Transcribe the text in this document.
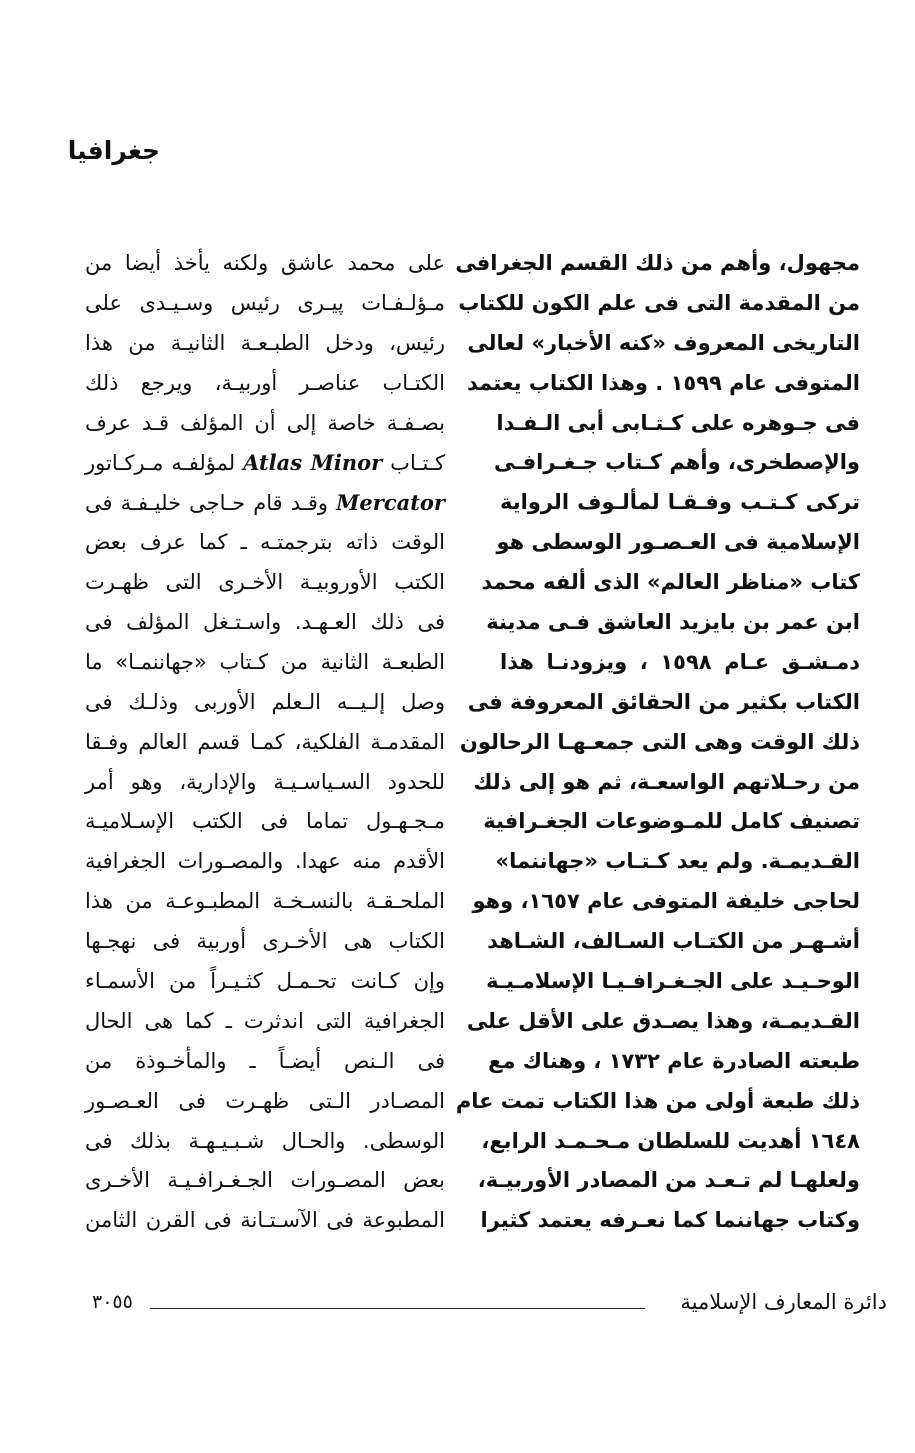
جغرافيا
مجهول، وأهم من ذلك القسم الجغرافى
من المقدمة التى فى علم الكون للكتاب
التاريخى المعروف «كنه الأخبار» لعالى
المتوفى عام ١٥٩٩ . وهذا الكتاب يعتمد
فى جـوهره على كـتـابى أبى الـفـدا
والإصطخرى، وأهم كـتاب جـغـرافـى
تركى كـتـب وفـقـا لمألـوف الرواية
الإسلامية فى العـصـور الوسطى هو
كتاب «مناظر العالم» الذى ألفه محمد
ابن عمر بن بايزيد العاشق فـى مدينة
دمـشـق عـام ١٥٩٨ ، ويزودنـا هذا
الكتاب بكثير من الحقائق المعروفة فى
ذلك الوقت وهى التى جمعـهـا الرحالون
من رحـلاتهم الواسعـة، ثم هو إلى ذلك
تصنيف كامل للمـوضوعات الجغـرافية
القـديمـة. ولم يعد كـتـاب «جهاننما»
لحاجى خليفة المتوفى عام ١٦٥٧، وهو
أشـهـر من الكتـاب السـالف، الشـاهد
الوحـيـد على الجـغـرافـيـا الإسلامـيـة
القـديمـة، وهذا يصـدق على الأقل على
طبعته الصادرة عام ١٧٣٢ ، وهناك مع
ذلك طبعة أولى من هذا الكتاب تمت عام
١٦٤٨ أهديت للسلطان مـحـمـد الرابع،
ولعلهـا لم تـعـد من المصادر الأوربيـة،
وكتاب جهاننما كما نعـرفه يعتمد كثيرا
على محمد عاشق ولكنه يأخذ أيضا من
مـؤلـفـات پيـرى رئيس وسـيـدى على
رئيس، ودخل الطبـعـة الثانيـة من هذا
الكتـاب عناصـر أوربيـة، ويرجع ذلك
بصـفـة خاصة إلى أن المؤلف قـد عرف
كـتـاب Atlas Minor لمؤلفـه مـركـاتور
Mercator وقـد قام حـاجى خليـفـة فى
الوقت ذاته بترجمتـه ـ كما عرف بعض
الكتب الأوروبيـة الأخـرى التى ظهـرت
فى ذلك العـهـد. واسـتـغل المؤلف فى
الطبعـة الثانية من كـتاب «جهاننمـا» ما
وصل إلـيــه الـعلم الأوربى وذلـك فى
المقدمـة الفلكية، كمـا قسم العالم وفـقا
للحدود السـياسـيـة والإدارية، وهو أمر
مـجـهـول تماما فى الكتب الإسـلاميـة
الأقدم منه عهدا. والمصـورات الجغرافية
الملحـقـة بالنسـخـة المطبـوعـة من هذا
الكتاب هى الأخـرى أوربية فى نهجـها
وإن كـانت تحـمـل كثـيـراً من الأسمـاء
الجغرافية التى اندثرت ـ كما هى الحال
فى الـنص أيضـاً ـ والمأخـوذة من
المصـادر الـتى ظهـرت فى العـصـور
الوسطى. والحـال شـبـيـهـة بذلك فى
بعض المصـورات الجـغـرافـيـة الأخـرى
المطبوعة فى الآسـتـانة فى القرن الثامن
دائرة المعارف الإسلامية
٣٠٥٥
